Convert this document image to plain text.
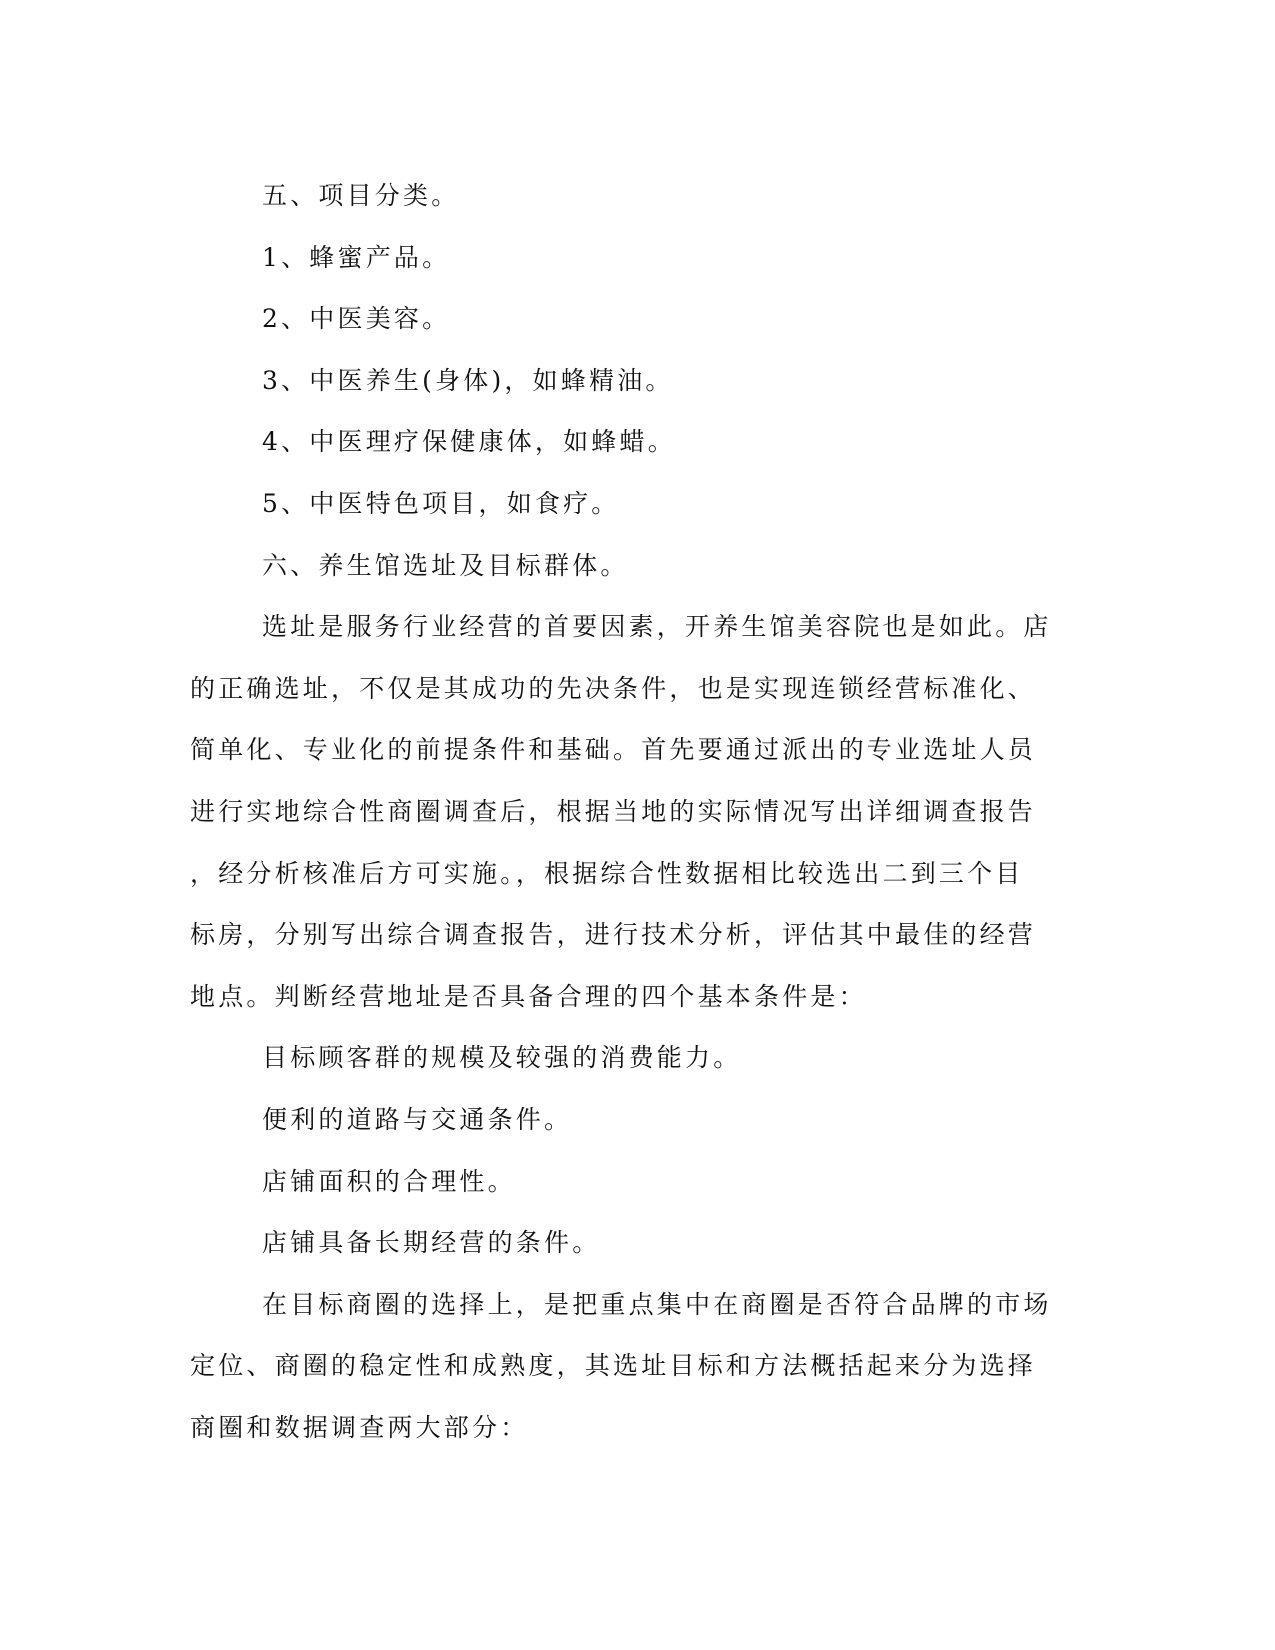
五、项目分类。
1、蜂蜜产品。
2、中医美容。
3、中医养生(身体)，如蜂精油。
4、中医理疗保健康体，如蜂蜡。
5、中医特色项目，如食疗。
六、养生馆选址及目标群体。
选址是服务行业经营的首要因素，开养生馆美容院也是如此。店
的正确选址，不仅是其成功的先决条件，也是实现连锁经营标准化、
简单化、专业化的前提条件和基础。首先要通过派出的专业选址人员
进行实地综合性商圈调查后，根据当地的实际情况写出详细调查报告
，经分析核准后方可实施。，根据综合性数据相比较选出二到三个目
标房，分别写出综合调查报告，进行技术分析，评估其中最佳的经营
地点。判断经营地址是否具备合理的四个基本条件是：
目标顾客群的规模及较强的消费能力。
便利的道路与交通条件。
店铺面积的合理性。
店铺具备长期经营的条件。
在目标商圈的选择上，是把重点集中在商圈是否符合品牌的市场
定位、商圈的稳定性和成熟度，其选址目标和方法概括起来分为选择
商圈和数据调查两大部分：
